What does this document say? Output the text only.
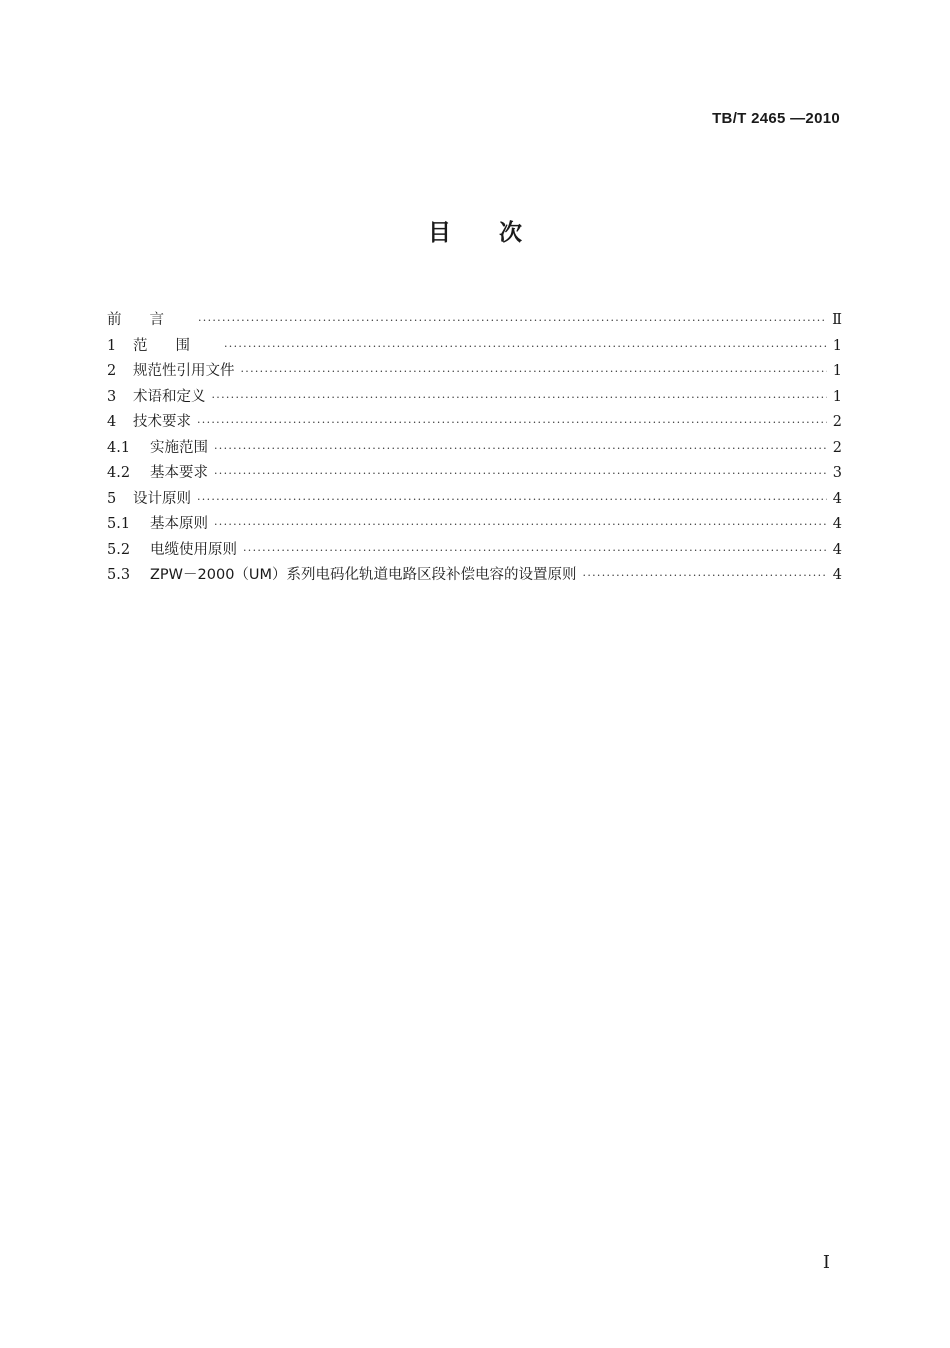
TB/T 2465 —2010
目次
前言 ·····	Ⅱ
1	范围 ·····	1
2	规范性引用文件 ·····	1
3	术语和定义 ·····	1
4	技术要求 ·····	2
4.1	实施范围 ·····	2
4.2	基本要求 ·····	3
5	设计原则 ·····	4
5.1	基本原则 ·····	4
5.2	电缆使用原则 ·····	4
5.3	ZPW－2000（UM）系列电码化轨道电路区段补偿电容的设置原则 ·····	4
I
